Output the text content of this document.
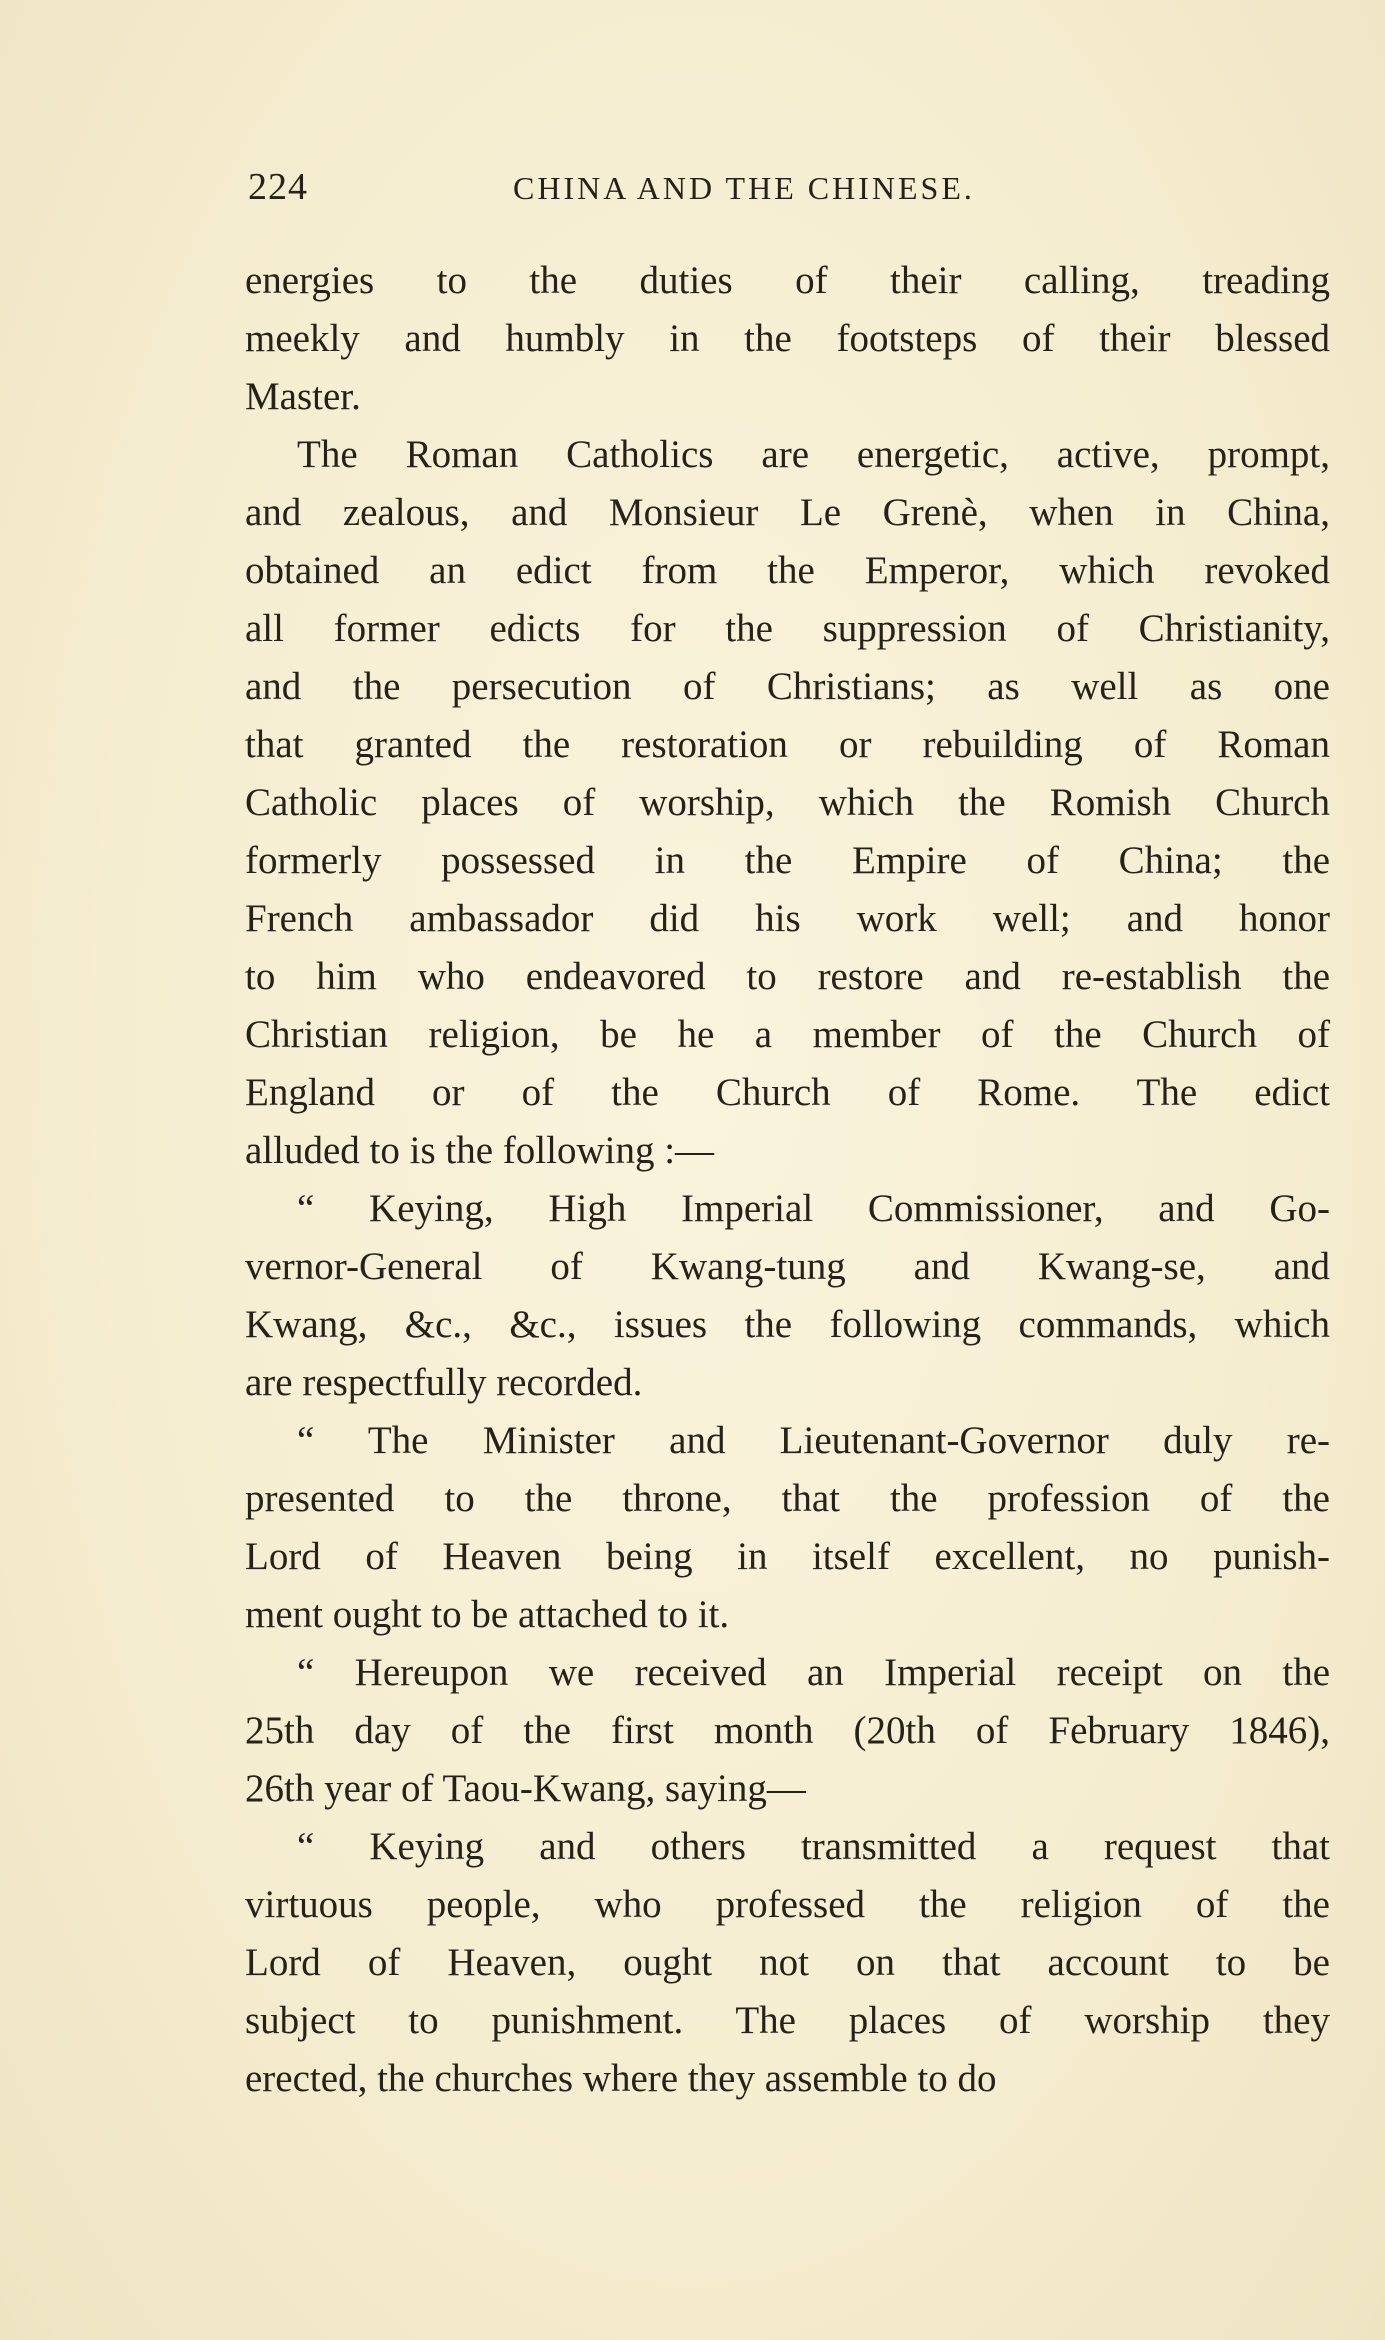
224	CHINA AND THE CHINESE.

energies to the duties of their calling, treading
meekly and humbly in the footsteps of their blessed
Master.

The Roman Catholics are energetic, active, prompt,
and zealous, and Monsieur Le Grenè, when in China,
obtained an edict from the Emperor, which revoked
all former edicts for the suppression of Christianity,
and the persecution of Christians; as well as one
that granted the restoration or rebuilding of Roman
Catholic places of worship, which the Romish Church
formerly possessed in the Empire of China; the
French ambassador did his work well; and honor
to him who endeavored to restore and re-establish the
Christian religion, be he a member of the Church of
England or of the Church of Rome. The edict
alluded to is the following :—

“ Keying, High Imperial Commissioner, and Go-
vernor-General of Kwang-tung and Kwang-se, and
Kwang, &c., &c., issues the following commands, which
are respectfully recorded.

“ The Minister and Lieutenant-Governor duly re-
presented to the throne, that the profession of the
Lord of Heaven being in itself excellent, no punish-
ment ought to be attached to it.

“ Hereupon we received an Imperial receipt on the
25th day of the first month (20th of February 1846),
26th year of Taou-Kwang, saying—

“ Keying and others transmitted a request that
virtuous people, who professed the religion of the
Lord of Heaven, ought not on that account to be
subject to punishment. The places of worship they
erected, the churches where they assemble to do
